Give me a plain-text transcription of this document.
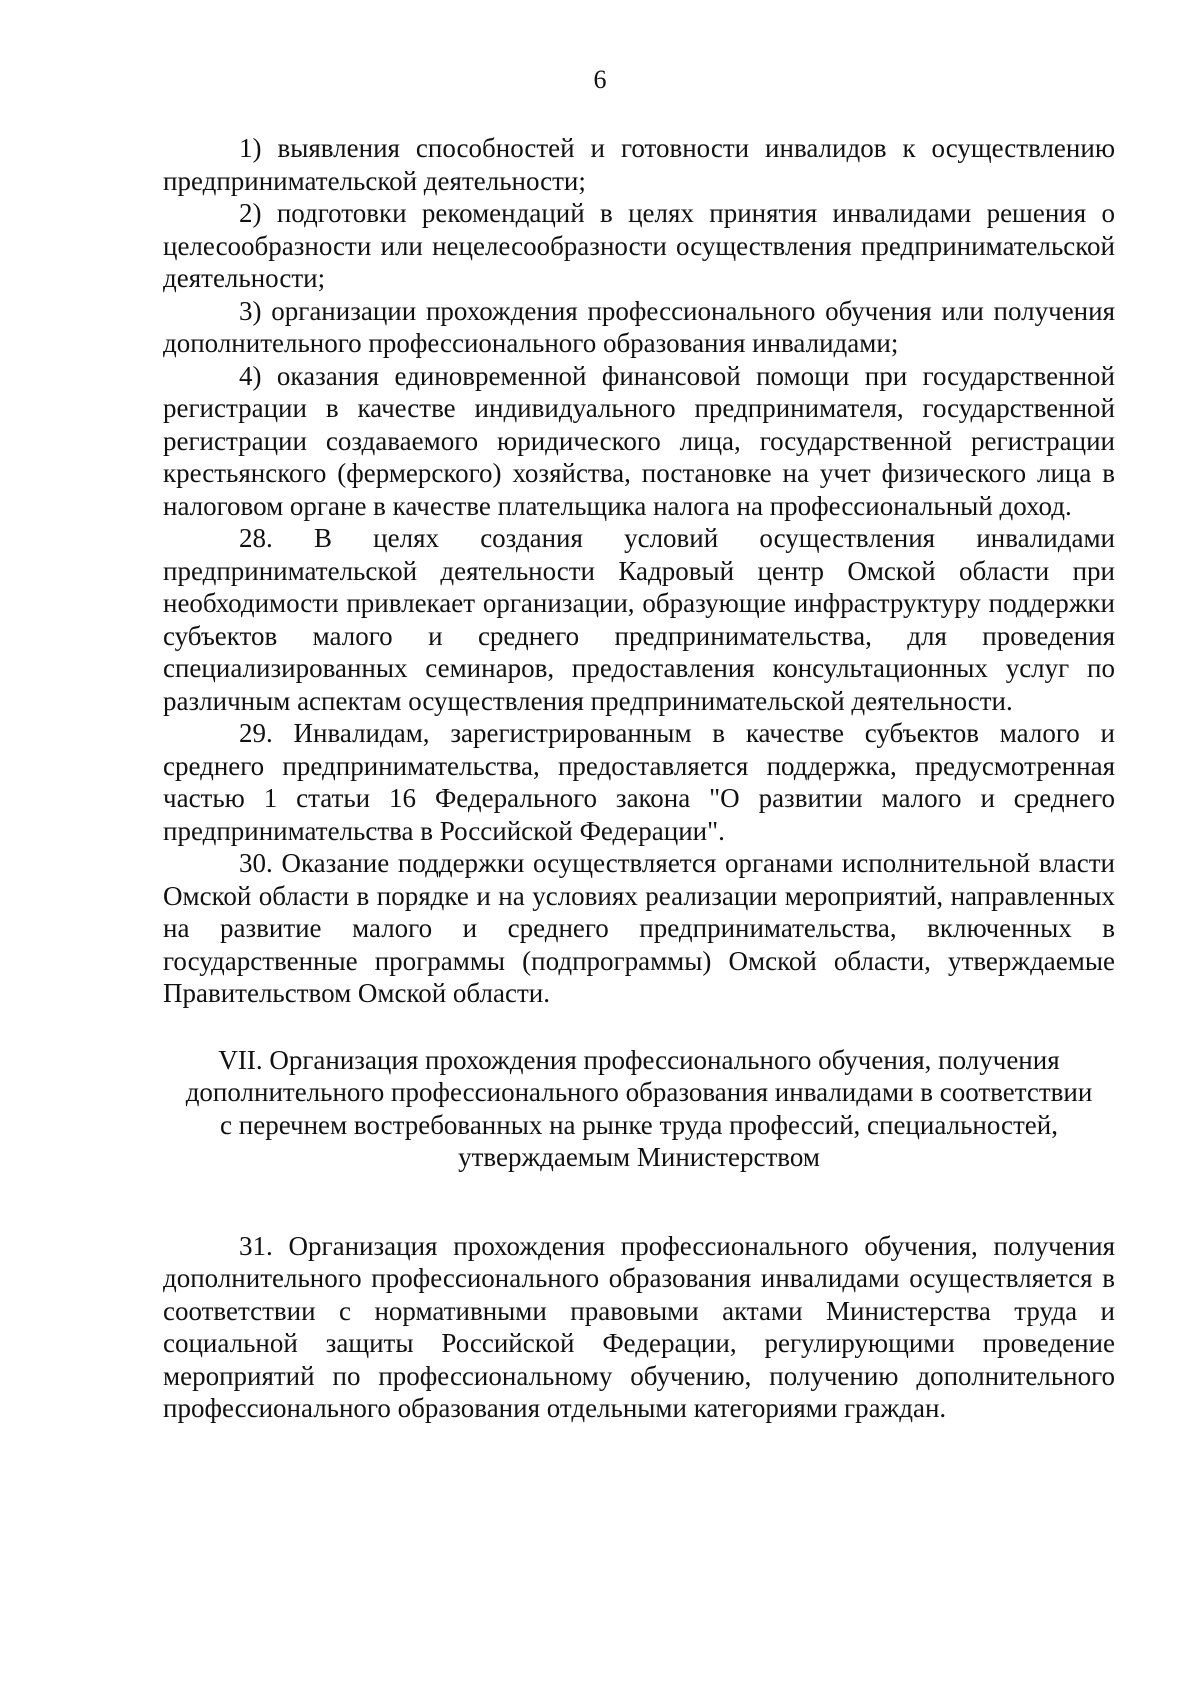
6

1) выявления способностей и готовности инвалидов к осуществлению предпринимательской деятельности;

2) подготовки рекомендаций в целях принятия инвалидами решения о целесообразности или нецелесообразности осуществления предпринимательской деятельности;

3) организации прохождения профессионального обучения или получения дополнительного профессионального образования инвалидами;

4) оказания единовременной финансовой помощи при государственной регистрации в качестве индивидуального предпринимателя, государственной регистрации создаваемого юридического лица, государственной регистрации крестьянского (фермерского) хозяйства, постановке на учет физического лица в налоговом органе в качестве плательщика налога на профессиональный доход.

28. В целях создания условий осуществления инвалидами предпринимательской деятельности Кадровый центр Омской области при необходимости привлекает организации, образующие инфраструктуру поддержки субъектов малого и среднего предпринимательства, для проведения специализированных семинаров, предоставления консультационных услуг по различным аспектам осуществления предпринимательской деятельности.

29. Инвалидам, зарегистрированным в качестве субъектов малого и среднего предпринимательства, предоставляется поддержка, предусмотренная частью 1 статьи 16 Федерального закона "О развитии малого и среднего предпринимательства в Российской Федерации".

30. Оказание поддержки осуществляется органами исполнительной власти Омской области в порядке и на условиях реализации мероприятий, направленных на развитие малого и среднего предпринимательства, включенных в государственные программы (подпрограммы) Омской области, утверждаемые Правительством Омской области.

VII. Организация прохождения профессионального обучения, получения
дополнительного профессионального образования инвалидами в соответствии
с перечнем востребованных на рынке труда профессий, специальностей,
утверждаемым Министерством

31. Организация прохождения профессионального обучения, получения дополнительного профессионального образования инвалидами осуществляется в соответствии с нормативными правовыми актами Министерства труда и социальной защиты Российской Федерации, регулирующими проведение мероприятий по профессиональному обучению, получению дополнительного профессионального образования отдельными категориями граждан.
